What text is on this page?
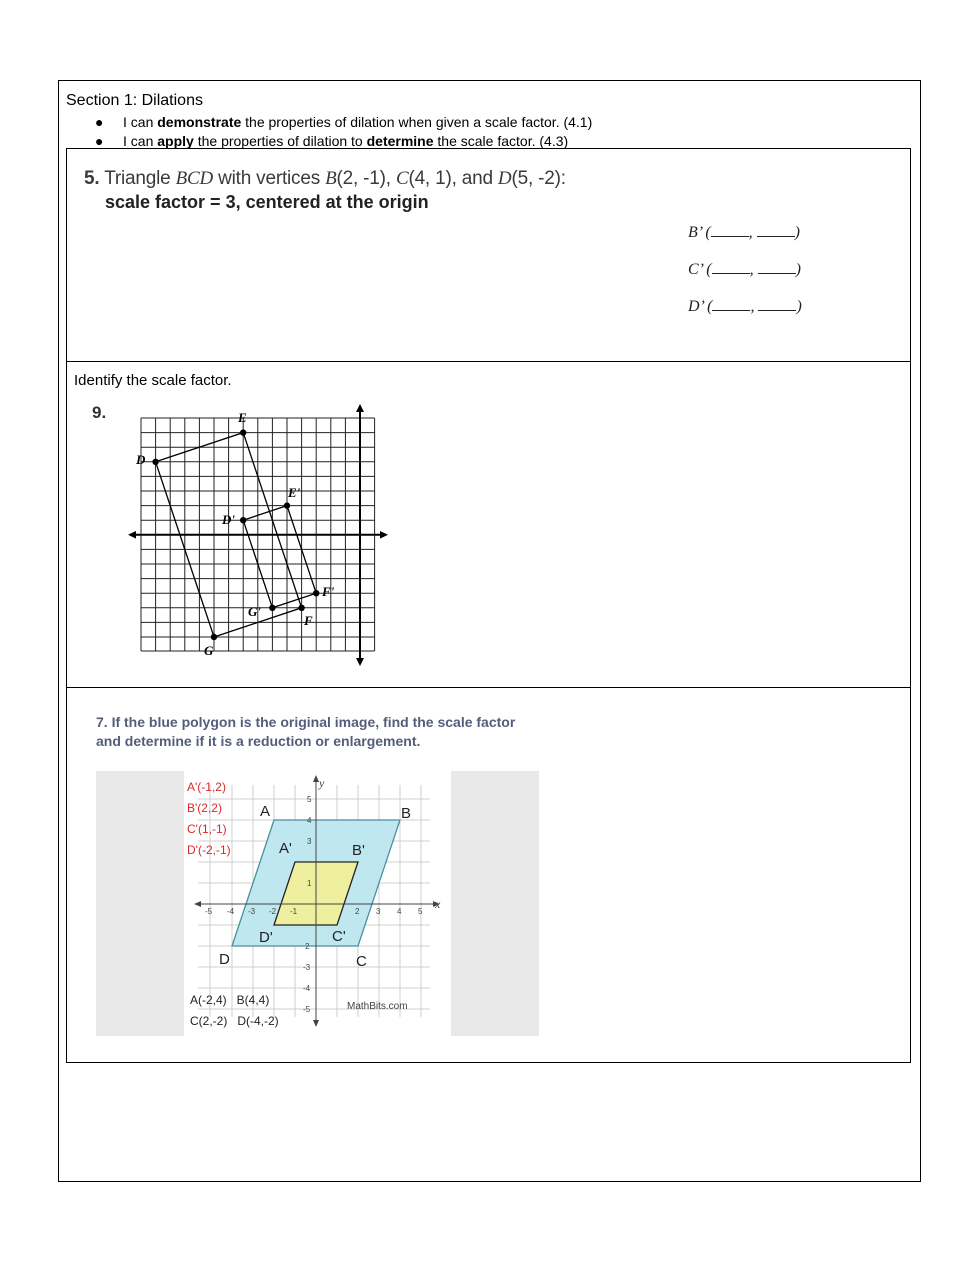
Section 1: Dilations
● I can demonstrate the properties of dilation when given a scale factor. (4.1)
● I can apply the properties of dilation to determine the scale factor. (4.3)
5. Triangle BCD with vertices B(2, -1), C(4, 1), and D(5, -2):
scale factor = 3, centered at the origin
B’ ( , )
C’ ( , )
D’ ( , )
Identify the scale factor.
9.
D
E
D'
E'
F'
G'
F
G
7. If the blue polygon is the original image, find the scale factor
and determine if it is a reduction or enlargement.
-5 -4 -3 -2 -1	2 3 4 5
5
4
3
1
2
-3
-4
-5
x
y
A	B
C
D
A'	B'
C'
D'
A'(-1,2)
B'(2,2)
C'(1,-1)
D'(-2,-1)
A(-2,4)   B(4,4)
C(2,-2)   D(-4,-2)
MathBits.com
